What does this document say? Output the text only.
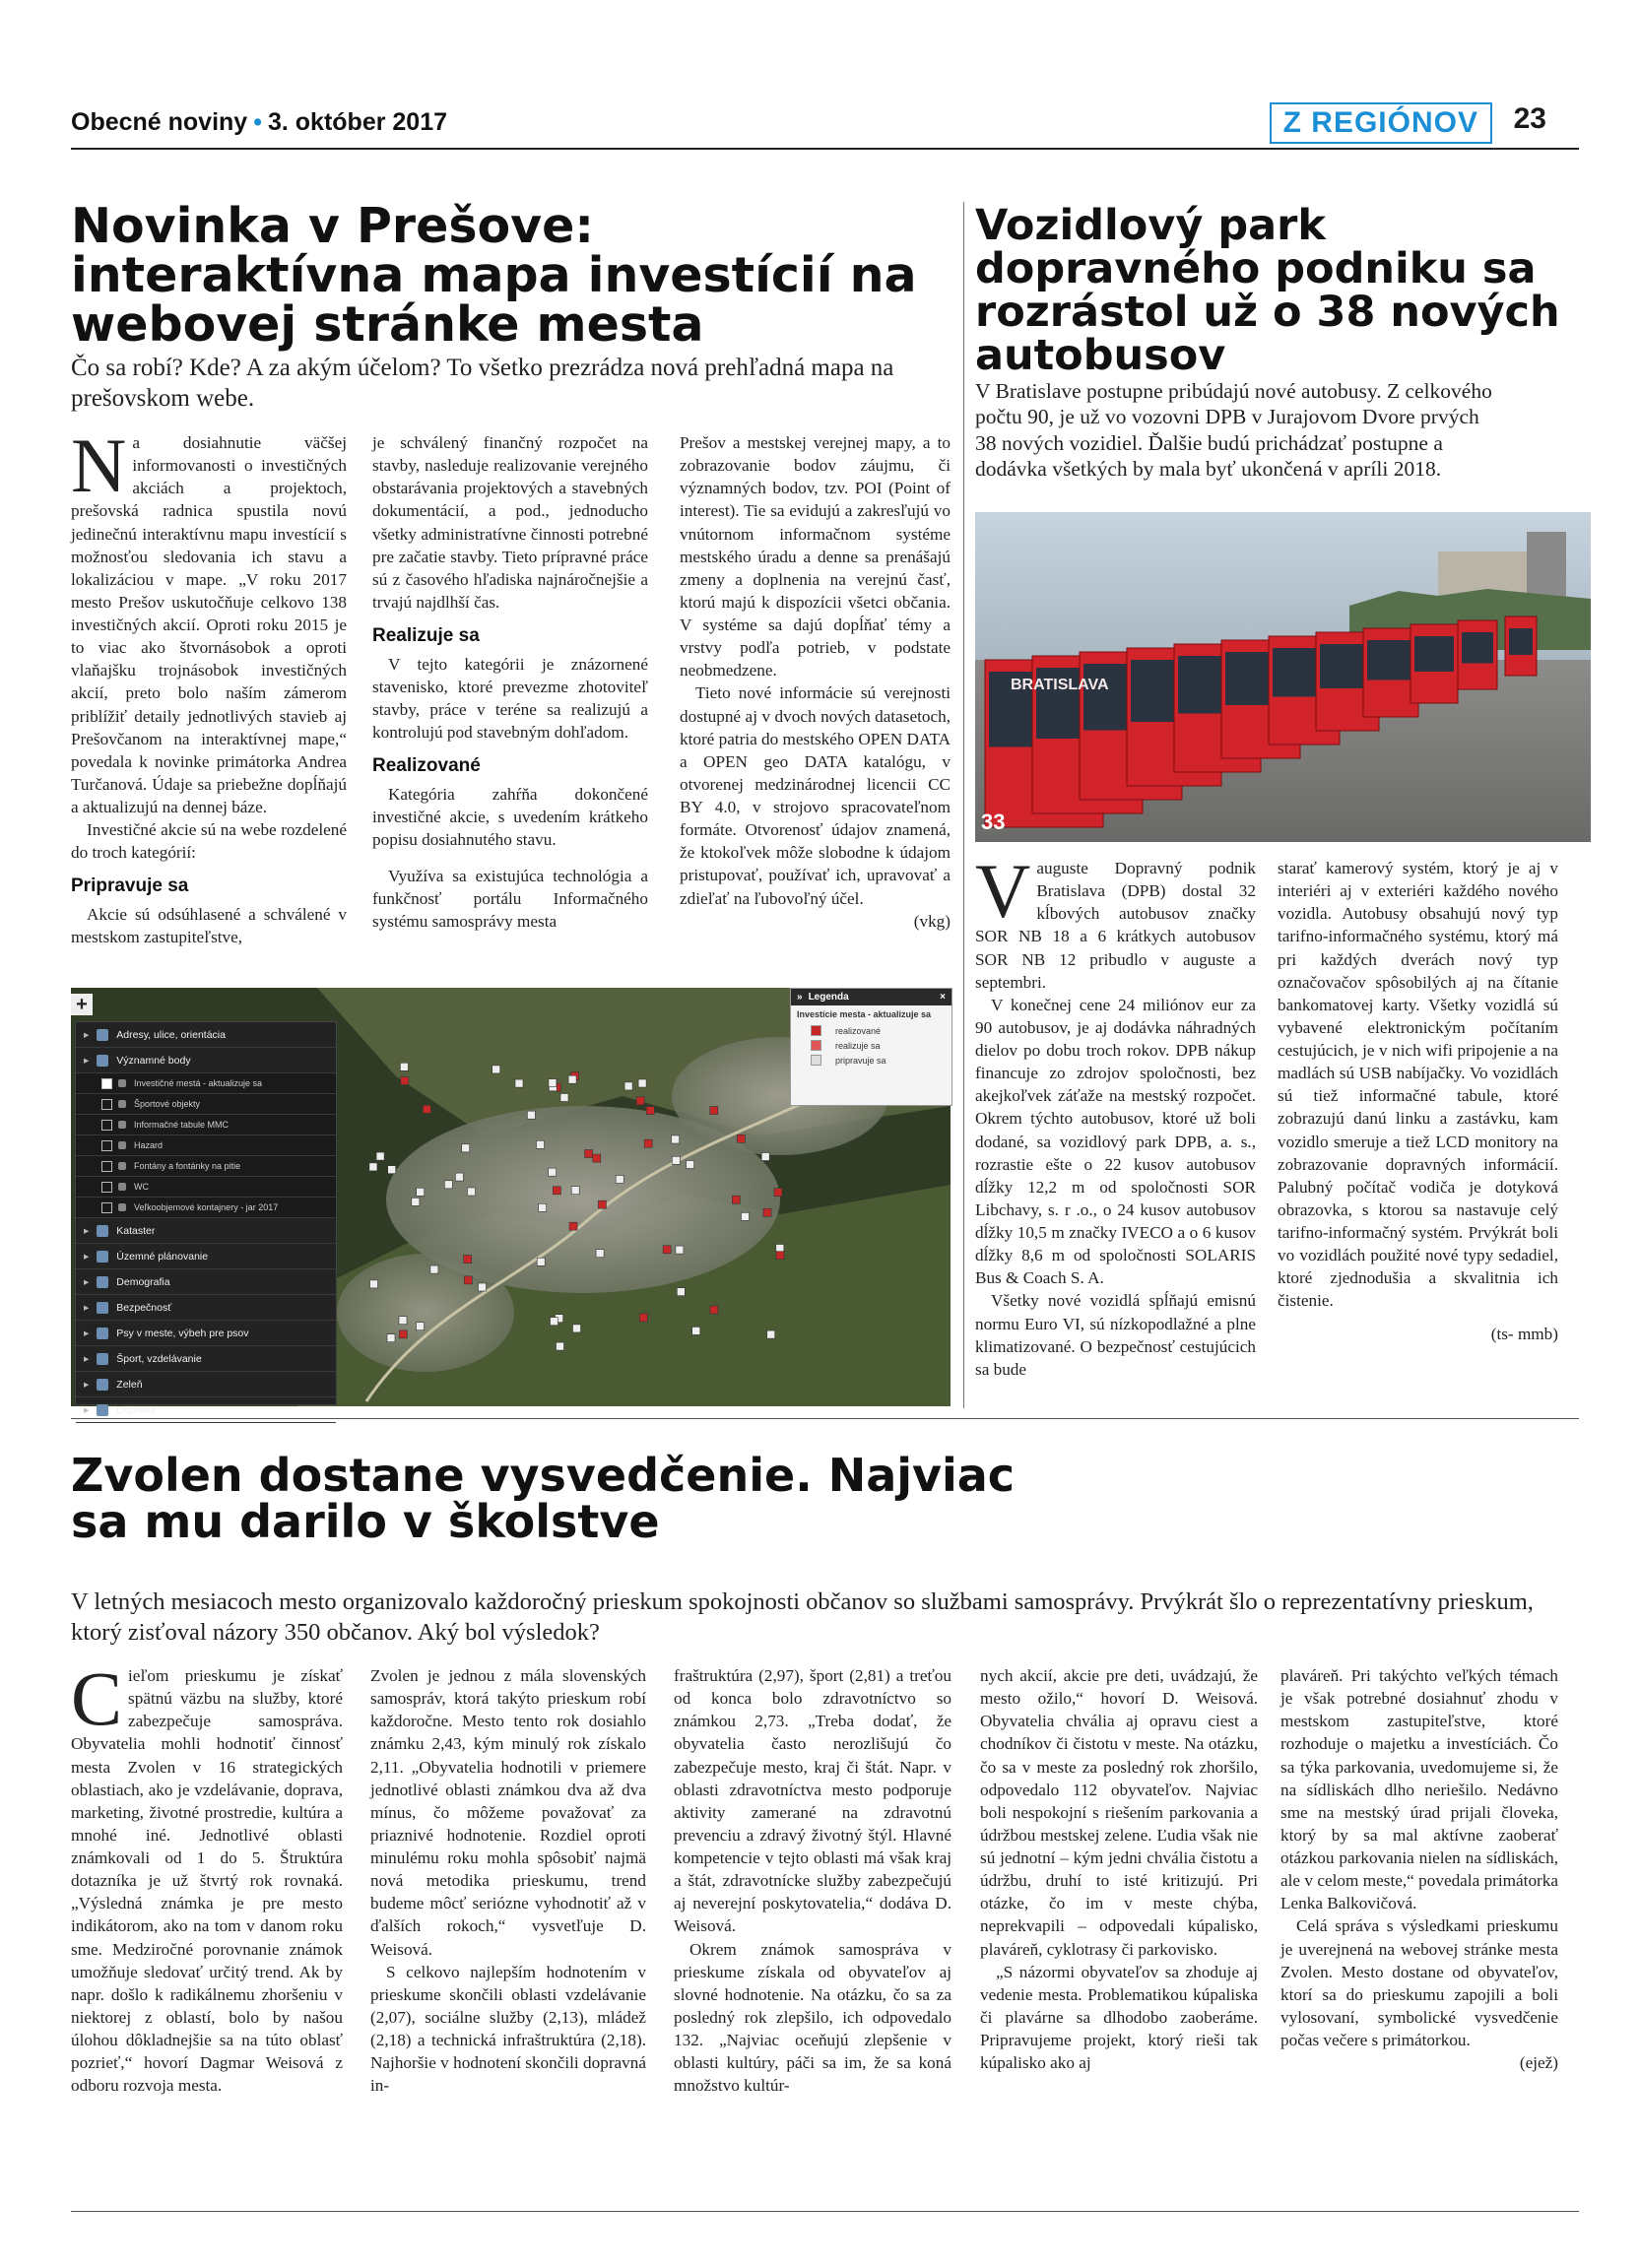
Obecné noviny • 3. október 2017	Z REGIÓNOV	23
Novinka v Prešove: interaktívna mapa investícií na webovej stránke mesta
Čo sa robí? Kde? A za akým účelom? To všetko prezrádza nová prehľadná mapa na prešovskom webe.

Na dosiahnutie väčšej informovanosti o investičných akciách a projektoch, prešovská radnica spustila novú jedinečnú interaktívnu mapu investícií s možnosťou sledovania ich stavu a lokalizáciou v mape. „V roku 2017 mesto Prešov uskutočňuje celkovo 138 investičných akcií. Oproti roku 2015 je to viac ako štvornásobok a oproti vlaňajšku trojnásobok investičných akcií, preto bolo naším zámerom priblížiť detaily jednotlivých stavieb aj Prešovčanom na interaktívnej mape,“ povedala k novinke primátorka Andrea Turčanová. Údaje sa priebežne dopĺňajú a aktualizujú na dennej báze.

Investičné akcie sú na webe rozdelené do troch kategórií:

Pripravuje sa

Akcie sú odsúhlasené a schválené v mestskom zastupiteľstve,

je schválený finančný rozpočet na stavby, nasleduje realizovanie verejného obstarávania projektových a stavebných dokumentácií, a pod., jednoducho všetky administratívne činnosti potrebné pre začatie stavby. Tieto prípravné práce sú z časového hľadiska najnáročnejšie a trvajú najdlhší čas.

Realizuje sa

V tejto kategórii je znázornené stavenisko, ktoré prevezme zhotoviteľ stavby, práce v teréne sa realizujú a kontrolujú pod stavebným dohľadom.

Realizované

Kategória zahŕňa dokončené investičné akcie, s uvedením krátkeho popisu dosiahnutého stavu.

Využíva sa existujúca technológia a funkčnosť portálu Informačného systému samosprávy mesta

Prešov a mestskej verejnej mapy, a to zobrazovanie bodov záujmu, či významných bodov, tzv. POI (Point of interest). Tie sa evidujú a zakresľujú vo vnútornom informačnom systéme mestského úradu a denne sa prenášajú zmeny a doplnenia na verejnú časť, ktorú majú k dispozícii všetci občania. V systéme sa dajú dopĺňať témy a vrstvy podľa potrieb, v podstate neobmedzene.

Tieto nové informácie sú verejnosti dostupné aj v dvoch nových datasetoch, ktoré patria do mestského OPEN DATA a OPEN geo DATA katalógu, v otvorenej medzinárodnej licencii CC BY 4.0, v strojovo spracovateľnom formáte. Otvorenosť údajov znamená, že ktokoľvek môže slobodne k údajom pristupovať, používať ich, upravovať a zdieľať na ľubovoľný účel.

(vkg)

▸	Adresy, ulice, orientácia
▸	Významné body
Investičné mestá - aktualizuje sa
Športové objekty
Informačné tabule MMC
Hazard
Fontány a fontánky na pitie
WC
Veľkoobjemové kontajnery - jar 2017
▸	Kataster
▸	Územné plánovanie
▸	Demografia
▸	Bezpečnosť
▸	Psy v meste, výbeh pre psov
▸	Šport, vzdelávanie
▸	Zeleň
▸	Doprava
+	» Legenda	×
Investície mesta - aktualizuje sa
realizované
realizuje sa
pripravuje sa
Vozidlový park dopravného podniku sa rozrástol už o 38 nových autobusov
V Bratislave postupne pribúdajú nové autobusy. Z celkového počtu 90, je už vo vozovni DPB v Jurajovom Dvore prvých 38 nových vozidiel. Ďalšie budú prichádzať postupne a dodávka všetkých by mala byť ukončená v apríli 2018.
BRATISLAVA
33

Vauguste Dopravný podnik Bratislava (DPB) dostal 32 kĺbových autobusov značky SOR NB 18 a 6 krátkych autobusov SOR NB 12 pribudlo v auguste a septembri.

V konečnej cene 24 miliónov eur za 90 autobusov, je aj dodávka náhradných dielov po dobu troch rokov. DPB nákup financuje zo zdrojov spoločnosti, bez akejkoľvek záťaže na mestský rozpočet. Okrem týchto autobusov, ktoré už boli dodané, sa vozidlový park DPB, a. s., rozrastie ešte o 22 kusov autobusov dĺžky 12,2 m od spoločnosti SOR Libchavy, s. r .o., o 24 kusov autobusov dĺžky 10,5 m značky IVECO a o 6 kusov dĺžky 8,6 m od spoločnosti SOLARIS Bus & Coach S. A.

Všetky nové vozidlá spĺňajú emisnú normu Euro VI, sú nízkopodlažné a plne klimatizované. O bezpečnosť cestujúcich sa bude

starať kamerový systém, ktorý je aj v interiéri aj v exteriéri každého nového vozidla. Autobusy obsahujú nový typ tarifno-informačného systému, ktorý má pri každých dverách nový typ označovačov spôsobilých aj na čítanie bankomatovej karty. Všetky vozidlá sú vybavené elektronickým počítaním cestujúcich, je v nich wifi pripojenie a na madlách sú USB nabíjačky. Vo vozidlách sú tiež informačné tabule, ktoré zobrazujú danú linku a zastávku, kam vozidlo smeruje a tiež LCD monitory na zobrazovanie dopravných informácií. Palubný počítač vodiča je dotyková obrazovka, s ktorou sa nastavuje celý tarifno-informačný systém. Prvýkrát boli vo vozidlách použité nové typy sedadiel, ktoré zjednodušia a skvalitnia ich čistenie.

(ts- mmb)

Zvolen dostane vysvedčenie. Najviac sa mu darilo v školstve
V letných mesiacoch mesto organizovalo každoročný prieskum spokojnosti občanov so službami samosprávy. Prvýkrát šlo o reprezentatívny prieskum, ktorý zisťoval názory 350 občanov. Aký bol výsledok?

Cieľom prieskumu je získať spätnú väzbu na služby, ktoré zabezpečuje samospráva. Obyvatelia mohli hodnotiť činnosť mesta Zvolen v 16 strategických oblastiach, ako je vzdelávanie, doprava, marketing, životné prostredie, kultúra a mnohé iné. Jednotlivé oblasti známkovali od 1 do 5. Štruktúra dotazníka je už štvrtý rok rovnaká. „Výsledná známka je pre mesto indikátorom, ako na tom v danom roku sme. Medziročné porovnanie známok umožňuje sledovať určitý trend. Ak by napr. došlo k radikálnemu zhoršeniu v niektorej z oblastí, bolo by našou úlohou dôkladnejšie sa na túto oblasť pozrieť,“ hovorí Dagmar Weisová z odboru rozvoja mesta.

Zvolen je jednou z mála slovenských samospráv, ktorá takýto prieskum robí každoročne. Mesto tento rok dosiahlo známku 2,43, kým minulý rok získalo 2,11. „Obyvatelia hodnotili v priemere jednotlivé oblasti známkou dva až dva mínus, čo môžeme považovať za priaznivé hodnotenie. Rozdiel oproti minulému roku mohla spôsobiť najmä nová metodika prieskumu, trend budeme môcť seriózne vyhodnotiť až v ďalších rokoch,“ vysvetľuje D. Weisová.

S celkovo najlepším hodnotením v prieskume skončili oblasti vzdelávanie (2,07), sociálne služby (2,13), mládež (2,18) a technická infraštruktúra (2,18). Najhoršie v hodnotení skončili dopravná in-

fraštruktúra (2,97), šport (2,81) a treťou od konca bolo zdravotníctvo so známkou 2,73. „Treba dodať, že obyvatelia často nerozlišujú čo zabezpečuje mesto, kraj či štát. Napr. v oblasti zdravotníctva mesto podporuje aktivity zamerané na zdravotnú prevenciu a zdravý životný štýl. Hlavné kompetencie v tejto oblasti má však kraj a štát, zdravotnícke služby zabezpečujú aj neverejní poskytovatelia,“ dodáva D. Weisová.

Okrem známok samospráva v prieskume získala od obyvateľov aj slovné hodnotenie. Na otázku, čo sa za posledný rok zlepšilo, ich odpovedalo 132. „Najviac oceňujú zlepšenie v oblasti kultúry, páči sa im, že sa koná množstvo kultúr-

nych akcií, akcie pre deti, uvádzajú, že mesto ožilo,“ hovorí D. Weisová. Obyvatelia chvália aj opravu ciest a chodníkov či čistotu v meste. Na otázku, čo sa v meste za posledný rok zhoršilo, odpovedalo 112 obyvateľov. Najviac boli nespokojní s riešením parkovania a údržbou mestskej zelene. Ľudia však nie sú jednotní – kým jedni chvália čistotu a údržbu, druhí to isté kritizujú. Pri otázke, čo im v meste chýba, neprekvapili – odpovedali kúpalisko, plaváreň, cyklotrasy či parkovisko.

„S názormi obyvateľov sa zhoduje aj vedenie mesta. Problematikou kúpaliska či plavárne sa dlhodobo zaoberáme. Pripravujeme projekt, ktorý rieši tak kúpalisko ako aj

plaváreň. Pri takýchto veľkých témach je však potrebné dosiahnuť zhodu v mestskom zastupiteľstve, ktoré rozhoduje o majetku a investíciách. Čo sa týka parkovania, uvedomujeme si, že na sídliskách dlho neriešilo. Nedávno sme na mestský úrad prijali človeka, ktorý by sa mal aktívne zaoberať otázkou parkovania nielen na sídliskách, ale v celom meste,“ povedala primátorka Lenka Balkovičová.

Celá správa s výsledkami prieskumu je uverejnená na webovej stránke mesta Zvolen. Mesto dostane od obyvateľov, ktorí sa do prieskumu zapojili a boli vylosovaní, symbolické vysvedčenie počas večere s primátorkou.

(ejež)
